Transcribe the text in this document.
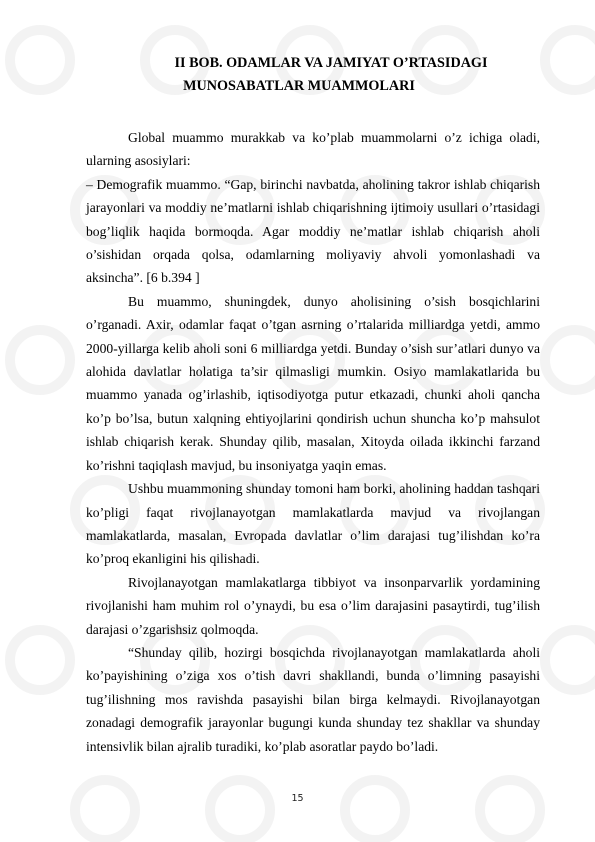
II BOB. ODAMLAR VA JAMIYAT O’RTASIDAGI
MUNOSABATLAR MUAMMOLARI

Global muammo murakkab va ko’plab muammolarni o’z ichiga oladi, ularning asosiylari:

‒ Demografik muammo. “Gap, birinchi navbatda, aholining takror ishlab chiqarish jarayonlari va moddiy ne’matlarni ishlab chiqarishning ijtimoiy usullari o’rtasidagi bog’liqlik haqida bormoqda. Agar moddiy ne’matlar ishlab chiqarish aholi o’sishidan orqada qolsa, odamlarning moliyaviy ahvoli yomonlashadi va aksincha”. [6 b.394 ]

Bu muammo, shuningdek, dunyo aholisining o’sish bosqichlarini o’rganadi. Axir, odamlar faqat o’tgan asrning o’rtalarida milliardga yetdi, ammo 2000-yillarga kelib aholi soni 6 milliardga yetdi. Bunday o’sish sur’atlari dunyo va alohida davlatlar holatiga ta’sir qilmasligi mumkin. Osiyo mamlakatlarida bu muammo yanada og’irlashib, iqtisodiyotga putur etkazadi, chunki aholi qancha ko’p bo’lsa, butun xalqning ehtiyojlarini qondirish uchun shuncha ko’p mahsulot ishlab chiqarish kerak. Shunday qilib, masalan, Xitoyda oilada ikkinchi farzand ko’rishni taqiqlash mavjud, bu insoniyatga yaqin emas.

Ushbu muammoning shunday tomoni ham borki, aholining haddan tashqari ko’pligi faqat rivojlanayotgan mamlakatlarda mavjud va rivojlangan mamlakatlarda, masalan, Evropada davlatlar o’lim darajasi tug’ilishdan ko’ra ko’proq ekanligini his qilishadi.

Rivojlanayotgan mamlakatlarga tibbiyot va insonparvarlik yordamining rivojlanishi ham muhim rol o’ynaydi, bu esa o’lim darajasini pasaytirdi, tug’ilish darajasi o’zgarishsiz qolmoqda.

“Shunday qilib, hozirgi bosqichda rivojlanayotgan mamlakatlarda aholi ko’payishining o’ziga xos o’tish davri shakllandi, bunda o’limning pasayishi tug’ilishning mos ravishda pasayishi bilan birga kelmaydi. Rivojlanayotgan zonadagi demografik jarayonlar bugungi kunda shunday tez shakllar va shunday intensivlik bilan ajralib turadiki, ko’plab asoratlar paydo bo’ladi.

15
